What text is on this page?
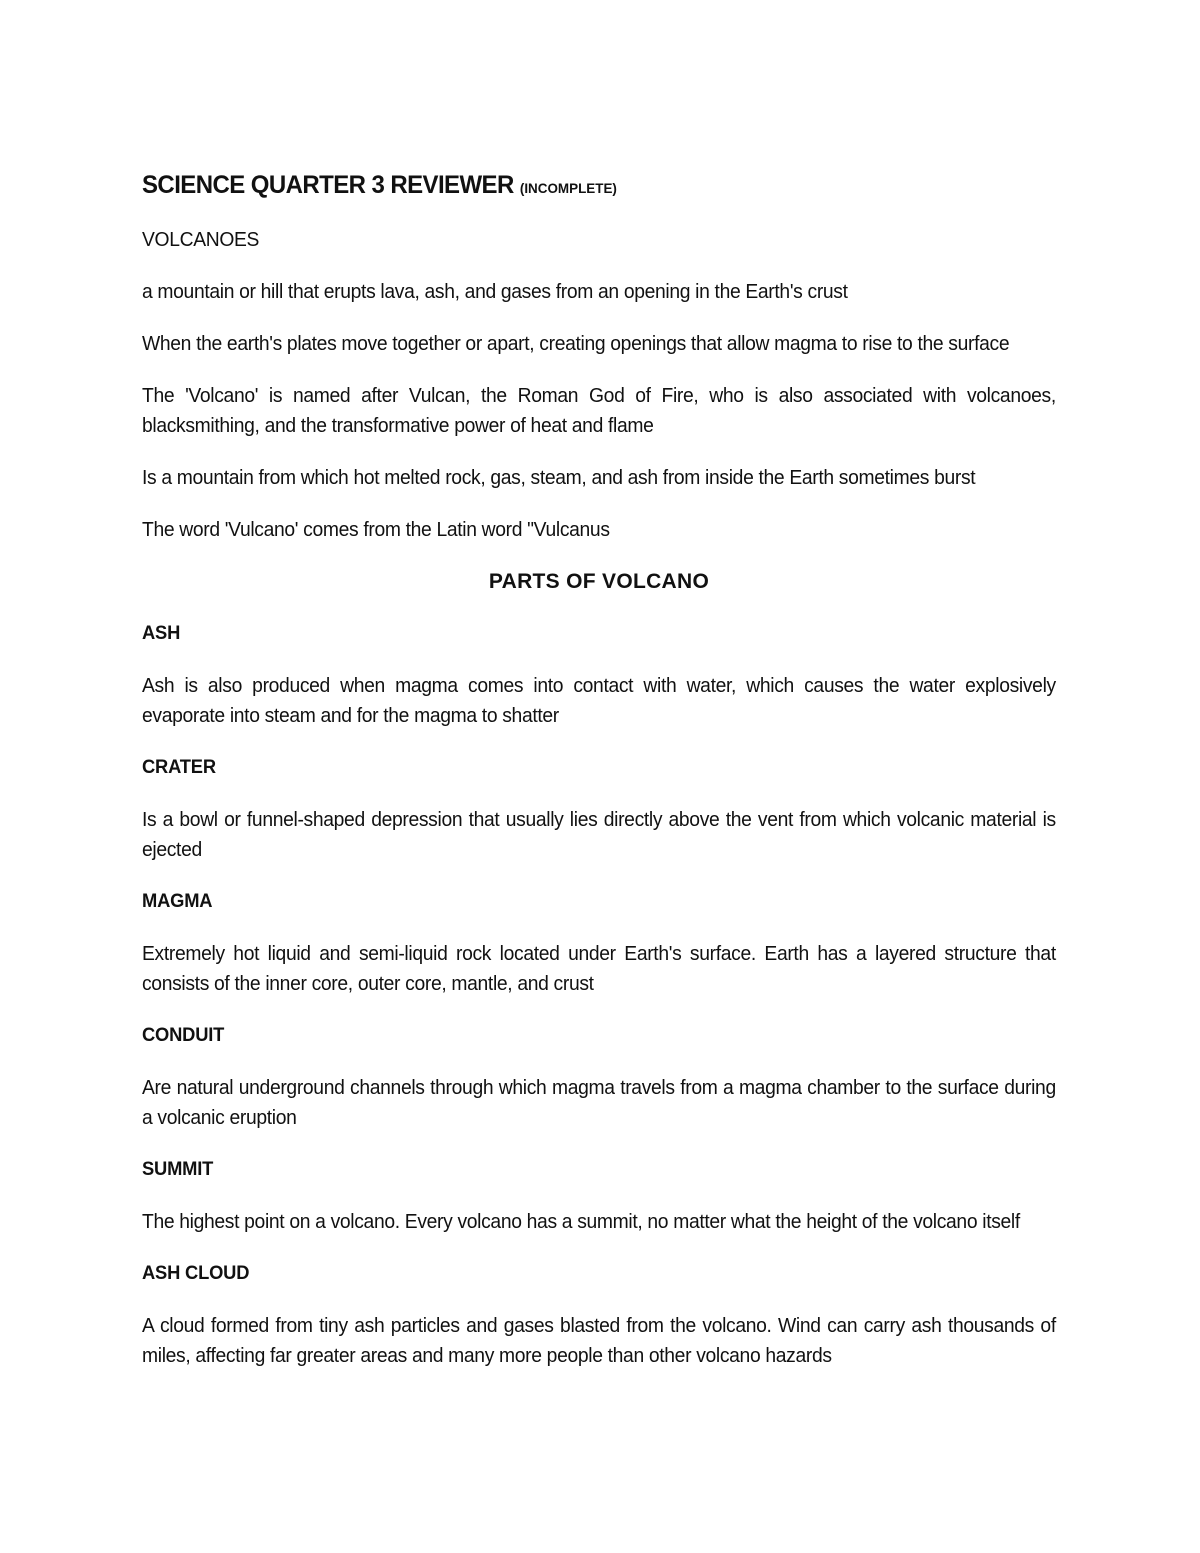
SCIENCE QUARTER 3 REVIEWER (INCOMPLETE)

VOLCANOES

a mountain or hill that erupts lava, ash, and gases from an opening in the Earth's crust

When the earth's plates move together or apart, creating openings that allow magma to rise to the surface

The 'Volcano' is named after Vulcan, the Roman God of Fire, who is also associated with volcanoes, blacksmithing, and the transformative power of heat and flame

Is a mountain from which hot melted rock, gas, steam, and ash from inside the Earth sometimes burst

The word 'Vulcano' comes from the Latin word "Vulcanus

PARTS OF VOLCANO
ASH

Ash is also produced when magma comes into contact with water, which causes the water explosively evaporate into steam and for the magma to shatter

CRATER

Is a bowl or funnel-shaped depression that usually lies directly above the vent from which volcanic material is ejected

MAGMA

Extremely hot liquid and semi-liquid rock located under Earth's surface. Earth has a layered structure that consists of the inner core, outer core, mantle, and crust

CONDUIT

Are natural underground channels through which magma travels from a magma chamber to the surface during a volcanic eruption

SUMMIT

The highest point on a volcano. Every volcano has a summit, no matter what the height of the volcano itself

ASH CLOUD

A cloud formed from tiny ash particles and gases blasted from the volcano. Wind can carry ash thousands of miles, affecting far greater areas and many more people than other volcano hazards
